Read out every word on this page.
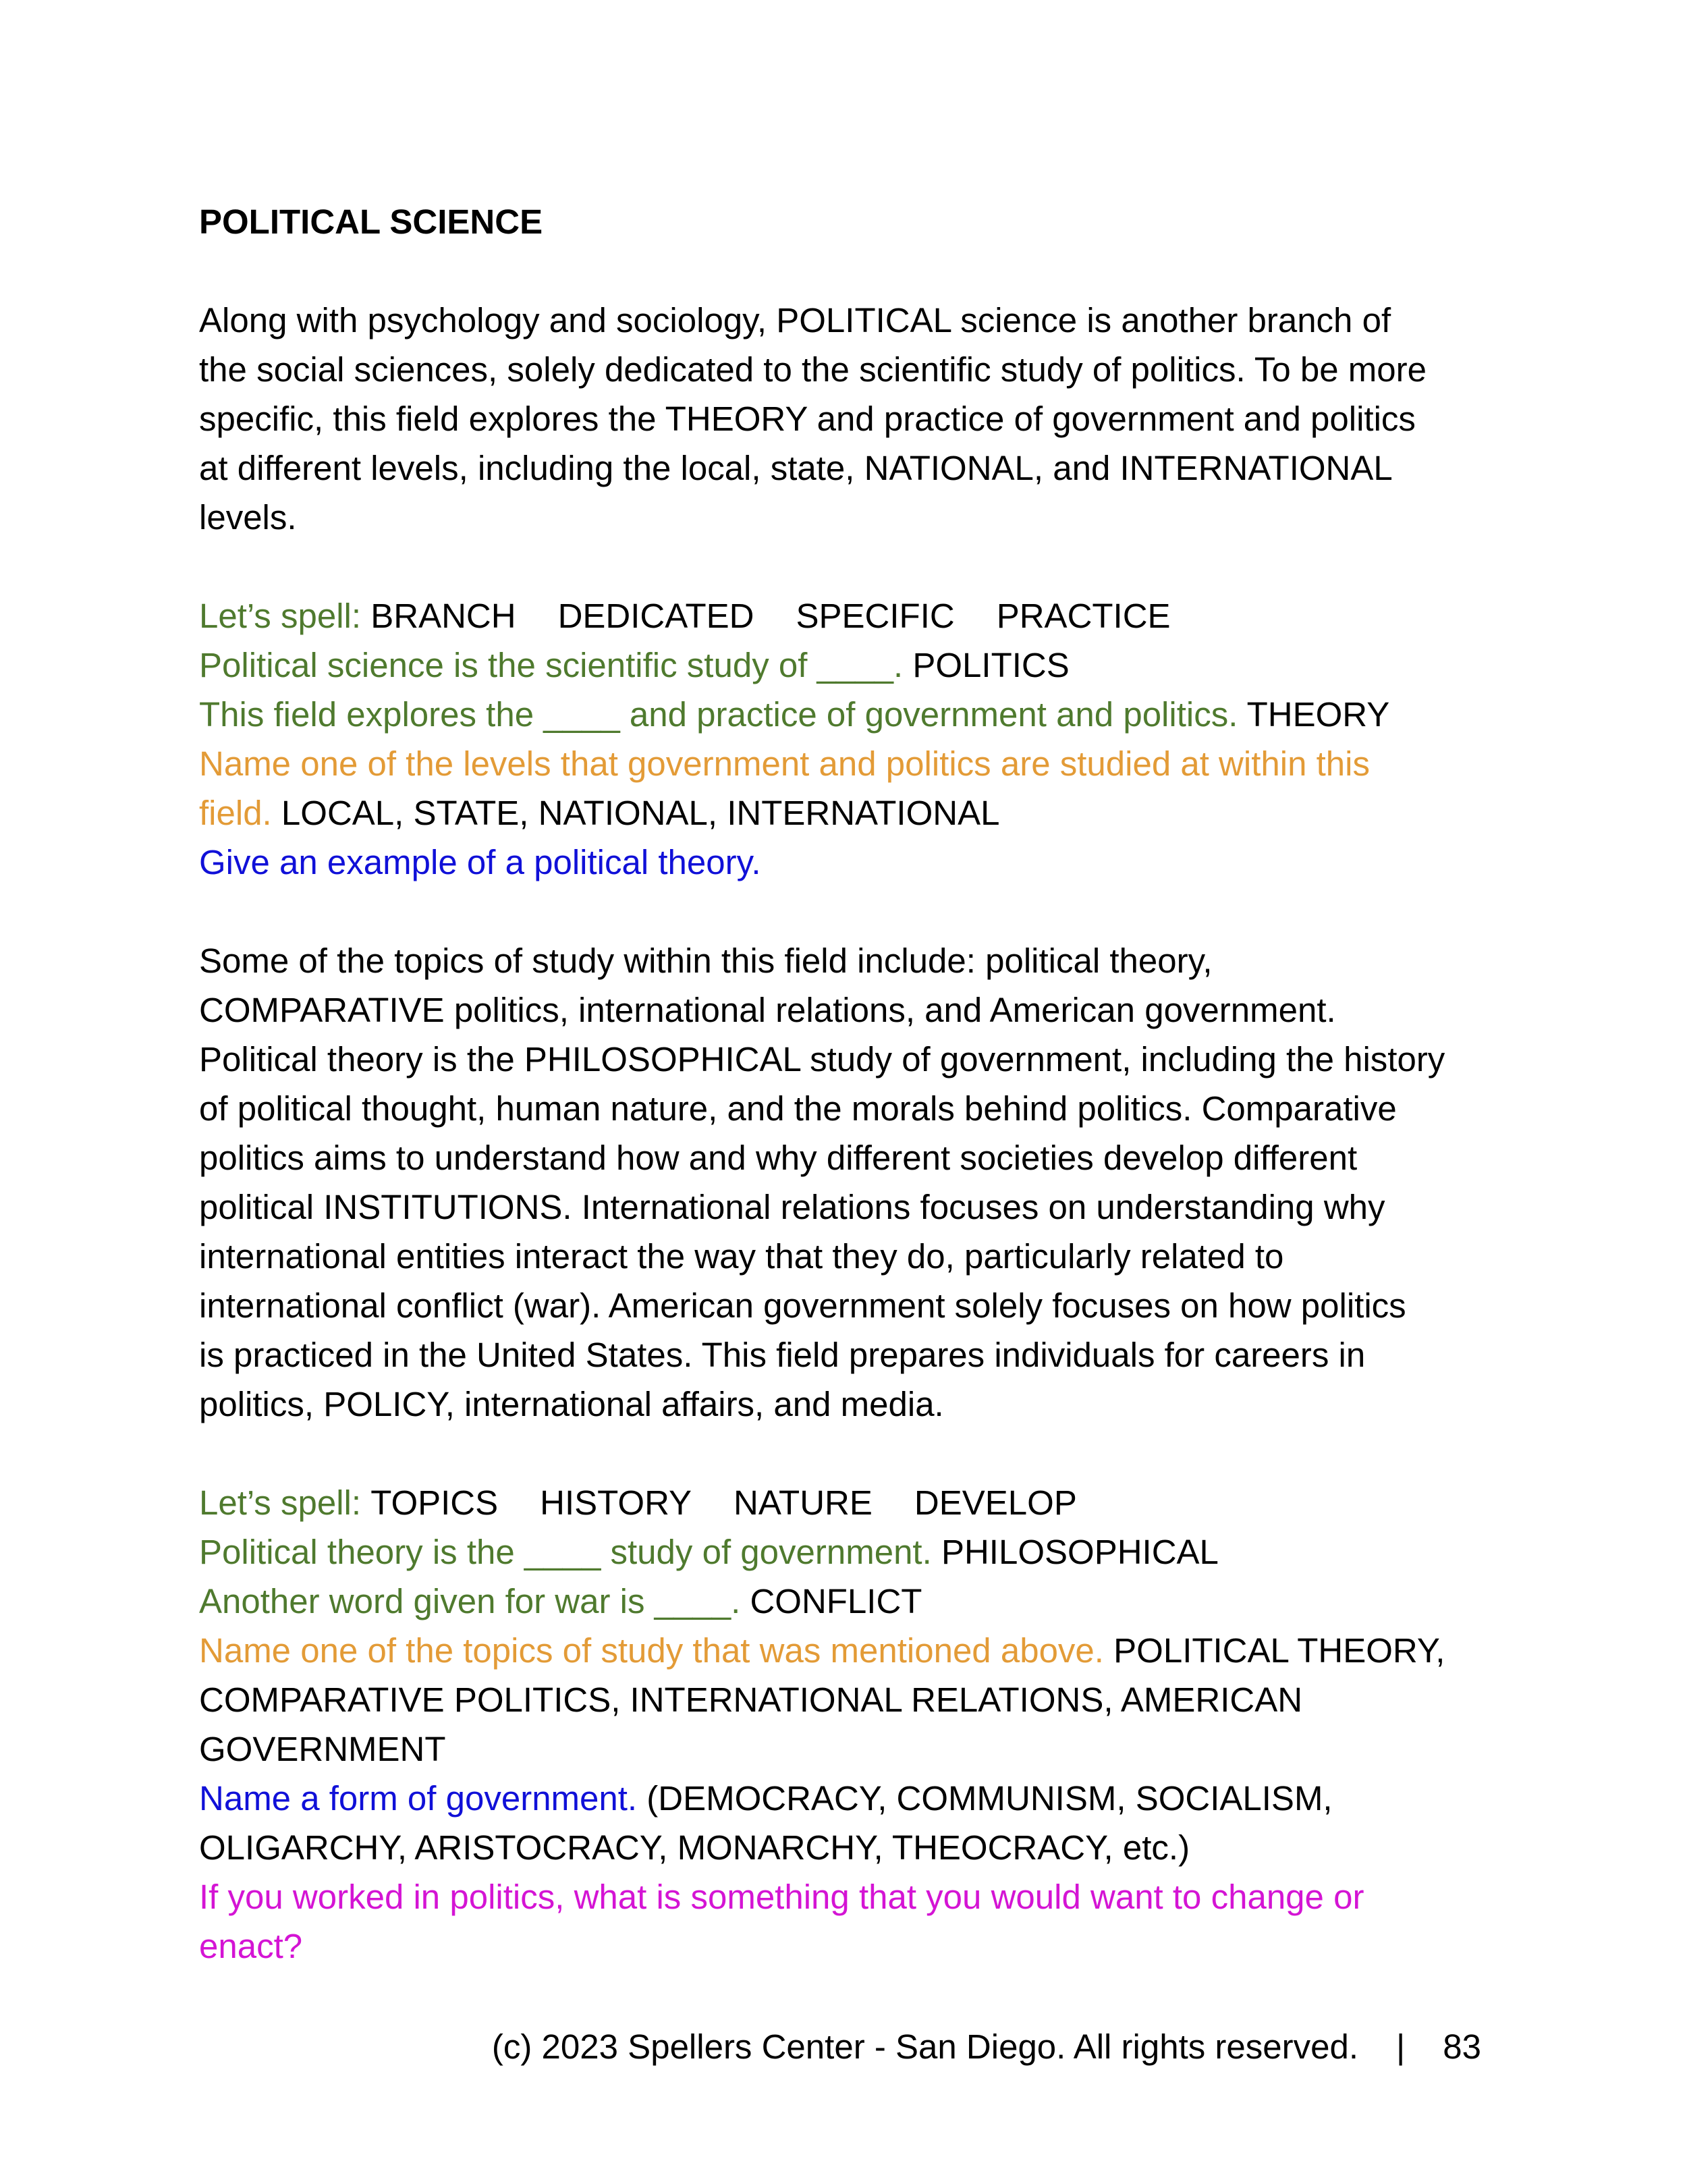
POLITICAL SCIENCE
Along with psychology and sociology, POLITICAL science is another branch of
the social sciences, solely dedicated to the scientific study of politics. To be more
specific, this field explores the THEORY and practice of government and politics
at different levels, including the local, state, NATIONAL, and INTERNATIONAL
levels.
Let’s spell: BRANCH DEDICATED SPECIFIC PRACTICE
Political science is the scientific study of ____. POLITICS
This field explores the ____ and practice of government and politics. THEORY
Name one of the levels that government and politics are studied at within this
field. LOCAL, STATE, NATIONAL, INTERNATIONAL
Give an example of a political theory.
Some of the topics of study within this field include: political theory,
COMPARATIVE politics, international relations, and American government.
Political theory is the PHILOSOPHICAL study of government, including the history
of political thought, human nature, and the morals behind politics. Comparative
politics aims to understand how and why different societies develop different
political INSTITUTIONS. International relations focuses on understanding why
international entities interact the way that they do, particularly related to
international conflict (war). American government solely focuses on how politics
is practiced in the United States. This field prepares individuals for careers in
politics, POLICY, international affairs, and media.
Let’s spell: TOPICS HISTORY NATURE DEVELOP
Political theory is the ____ study of government. PHILOSOPHICAL
Another word given for war is ____. CONFLICT
Name one of the topics of study that was mentioned above. POLITICAL THEORY,
COMPARATIVE POLITICS, INTERNATIONAL RELATIONS, AMERICAN
GOVERNMENT
Name a form of government. (DEMOCRACY, COMMUNISM, SOCIALISM,
OLIGARCHY, ARISTOCRACY, MONARCHY, THEOCRACY, etc.)
If you worked in politics, what is something that you would want to change or
enact?
(c) 2023 Spellers Center - San Diego. All rights reserved. | 83
